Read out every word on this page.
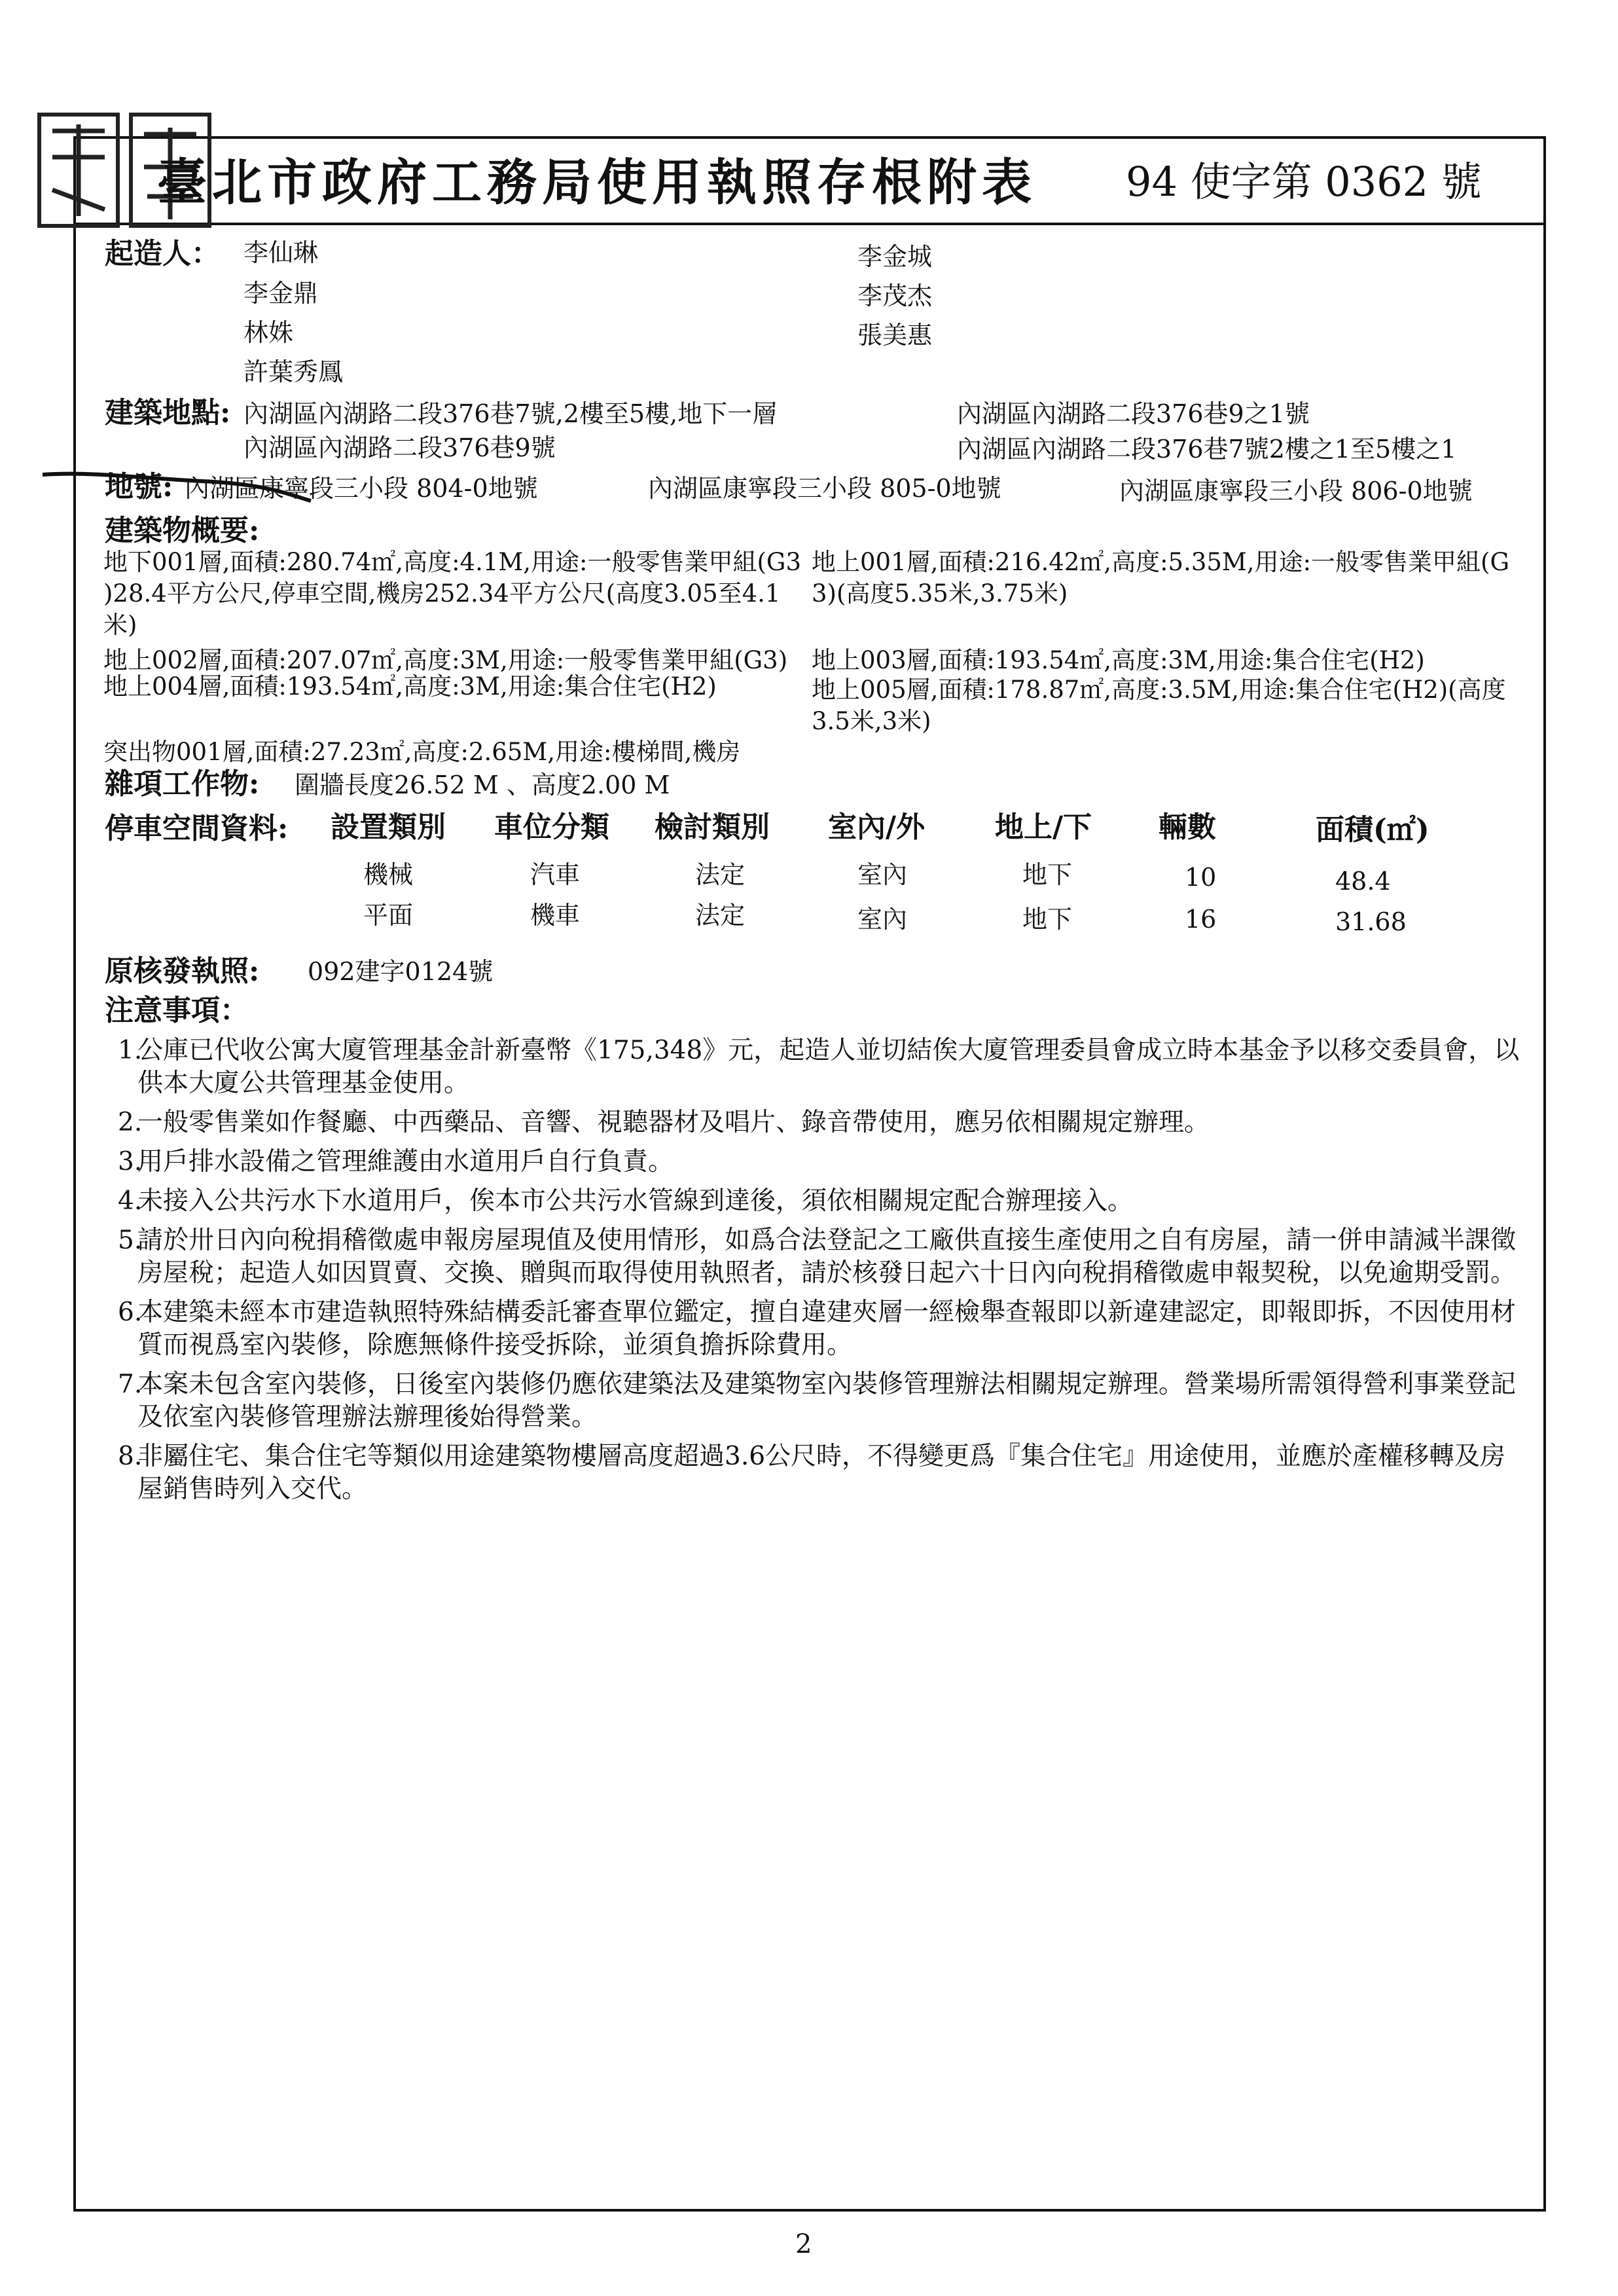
臺北市政府工務局使用執照存根附表 94 使字第 0362 號
起造人： 李仙琳
李金鼎
林姝
許葉秀鳳
李金城
李茂杰
張美惠
建築地點: 內湖區內湖路二段376巷7號,2樓至5樓,地下一層	內湖區內湖路二段376巷9之1號
內湖區內湖路二段376巷9號	內湖區內湖路二段376巷7號2樓之1至5樓之1
地號: 內湖區康寧段三小段 804-0地號	內湖區康寧段三小段 805-0地號	內湖區康寧段三小段 806-0地號
建築物概要:
地下001層,面積:280.74㎡,高度:4.1M,用途:一般零售業甲組(G3
)28.4平方公尺,停車空間,機房252.34平方公尺(高度3.05至4.1
米)
地上001層,面積:216.42㎡,高度:5.35M,用途:一般零售業甲組(G
3)(高度5.35米,3.75米)
地上002層,面積:207.07㎡,高度:3M,用途:一般零售業甲組(G3) 地上003層,面積:193.54㎡,高度:3M,用途:集合住宅(H2)
地上004層,面積:193.54㎡,高度:3M,用途:集合住宅(H2)	地上005層,面積:178.87㎡,高度:3.5M,用途:集合住宅(H2)(高度
3.5米,3米)
突出物001層,面積:27.23㎡,高度:2.65M,用途:樓梯間,機房
雜項工作物: 圍牆長度26.52 M 、高度2.00 M
停車空間資料: 設置類別 車位分類 檢討類別 室內/外 地上/下 輛數	面積(㎡)
機械	汽車	法定	室內	地下	10	48.4
平面	機車	法定	室內	地下	16	31.68
原核發執照: 092建字0124號
注意事項：
1.
公庫已代收公寓大廈管理基金計新臺幣《175,348》元，起造人並切結俟大廈管理委員會成立時本基金予以移交委員會，以供本大廈公共管理基金使用。
2.
一般零售業如作餐廳、中西藥品、音響、視聽器材及唱片、錄音帶使用，應另依相關規定辦理。
3.
用戶排水設備之管理維護由水道用戶自行負責。
4.
未接入公共污水下水道用戶，俟本市公共污水管線到達後，須依相關規定配合辦理接入。
5.
請於卅日內向稅捐稽徵處申報房屋現值及使用情形，如爲合法登記之工廠供直接生產使用之自有房屋，請一併申請減半課徵房屋稅；起造人如因買賣、交換、贈與而取得使用執照者，請於核發日起六十日內向稅捐稽徵處申報契稅，以免逾期受罰。
6.
本建築未經本市建造執照特殊結構委託審查單位鑑定，擅自違建夾層一經檢舉查報即以新違建認定，即報即拆，不因使用材質而視爲室內裝修，除應無條件接受拆除，並須負擔拆除費用。
7.
本案未包含室內裝修，日後室內裝修仍應依建築法及建築物室內裝修管理辦法相關規定辦理。營業場所需領得營利事業登記及依室內裝修管理辦法辦理後始得營業。
8.
非屬住宅、集合住宅等類似用途建築物樓層高度超過3.6公尺時，不得變更爲『集合住宅』用途使用，並應於產權移轉及房屋銷售時列入交代。
2
